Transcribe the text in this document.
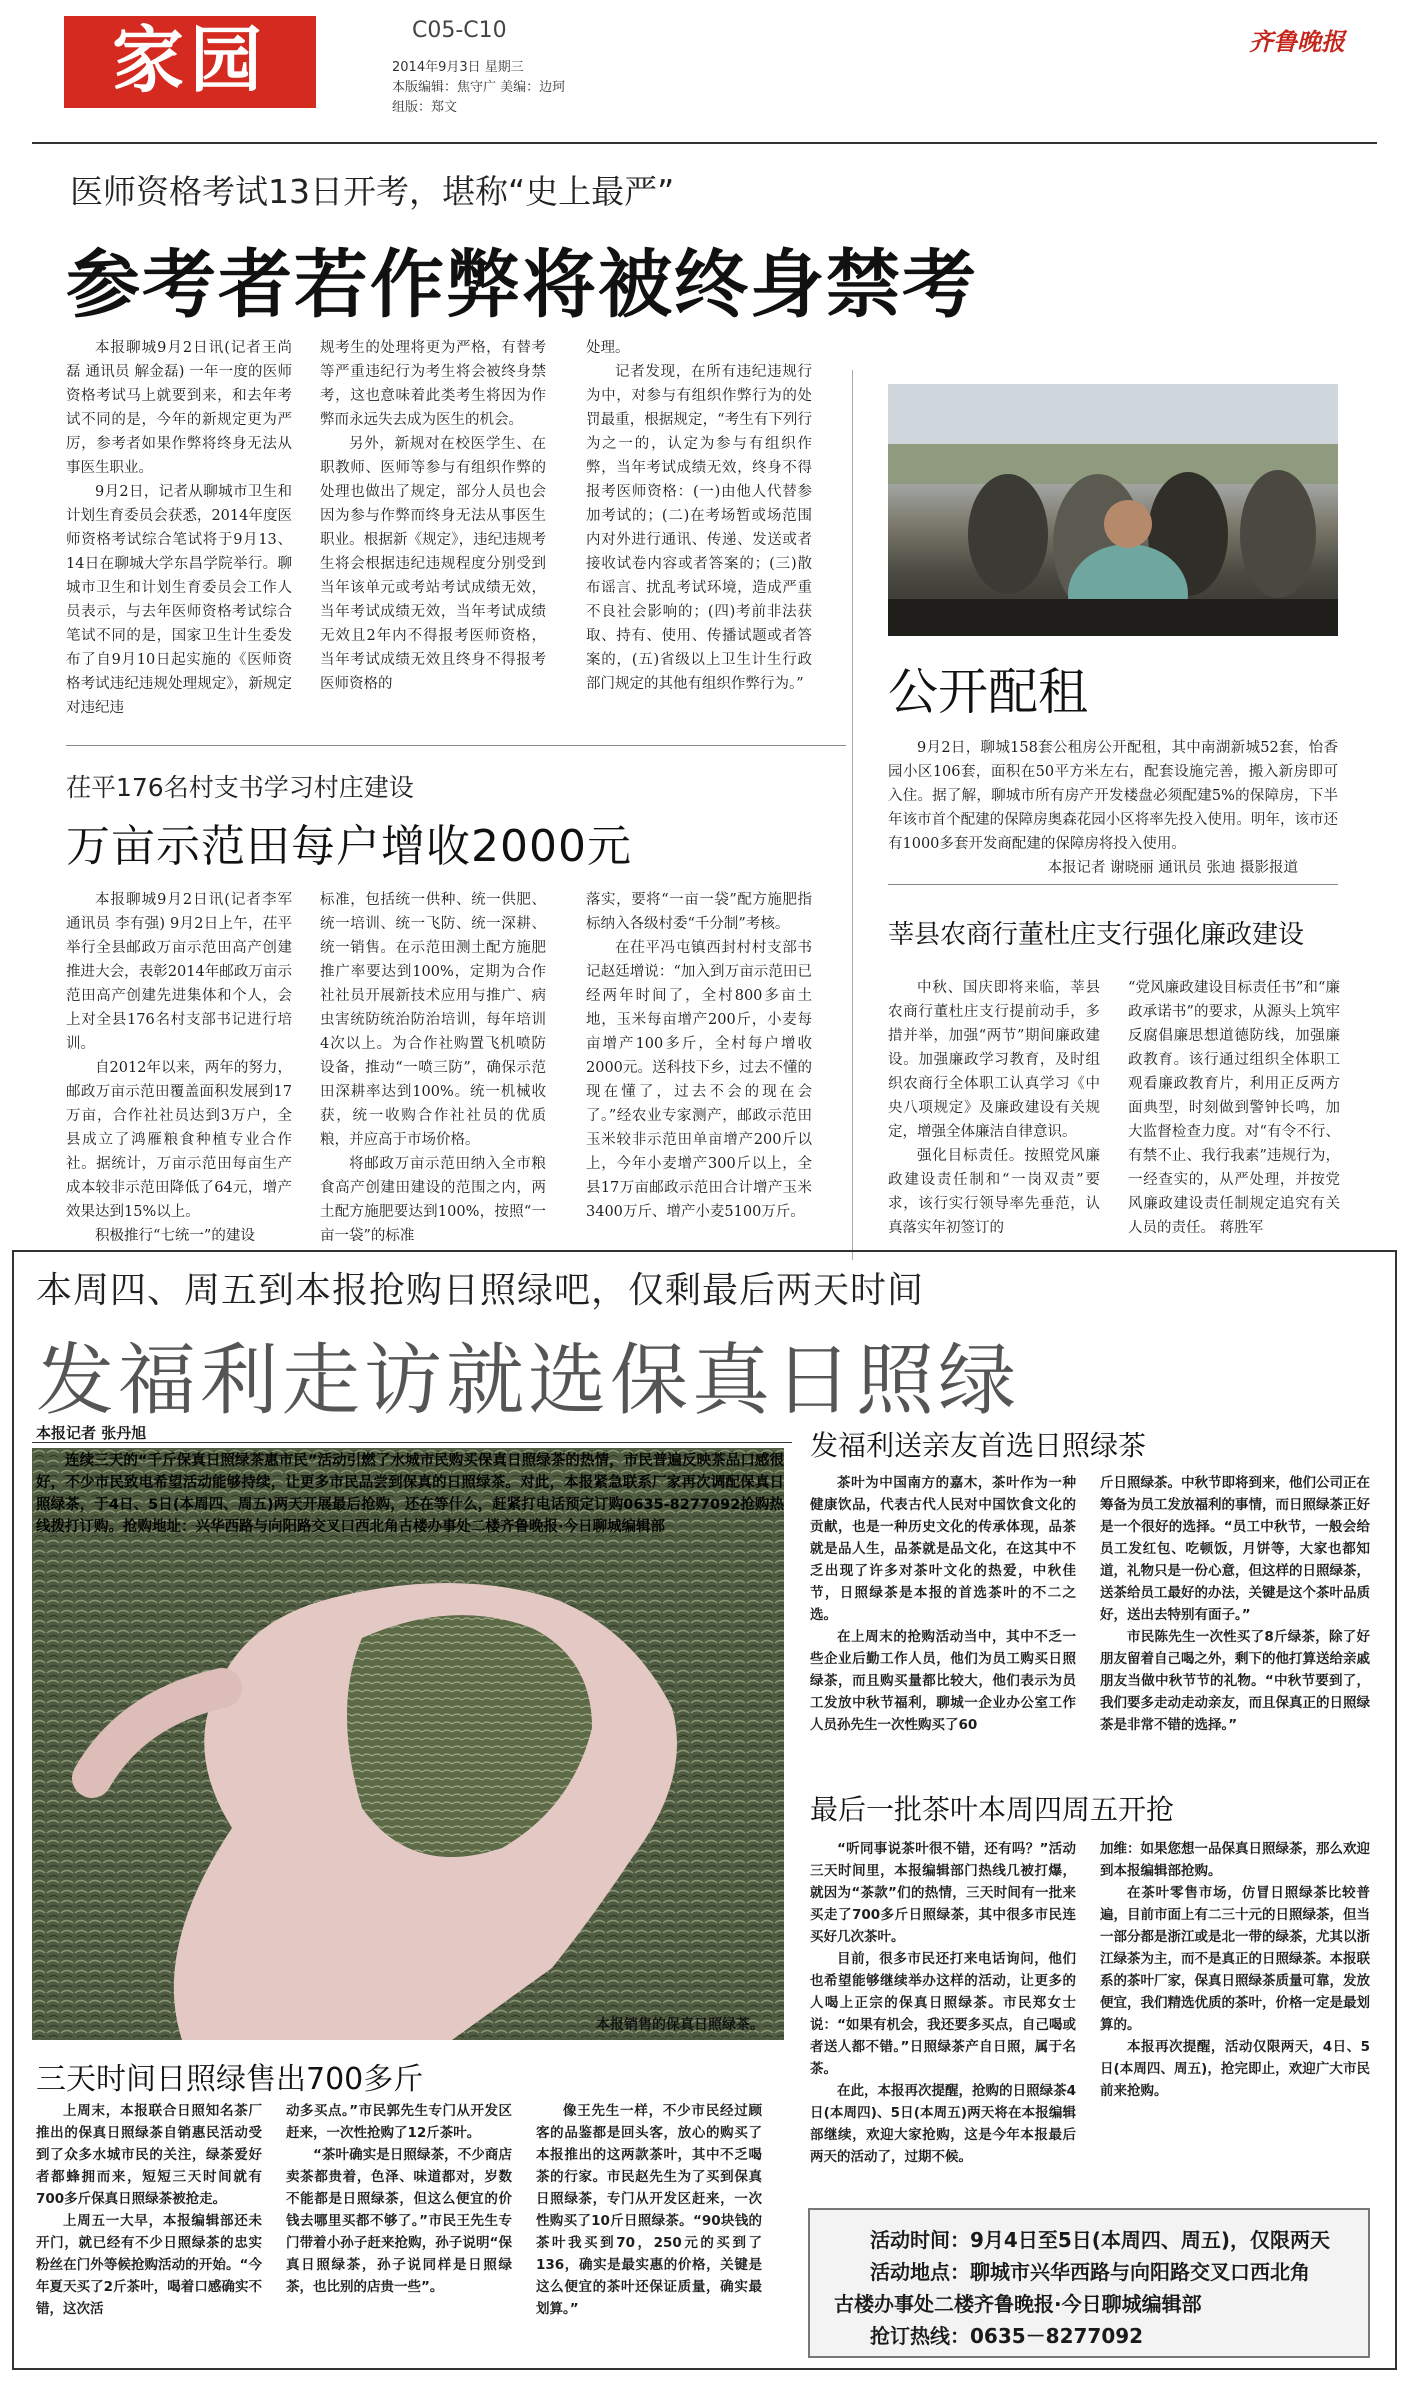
家园	C05-C10
2014年9月3日 星期三
本版编辑：焦守广 美编：边珂
组版：郑文
齐鲁晚报
医师资格考试13日开考，堪称“史上最严”
参考者若作弊将被终身禁考

本报聊城9月2日讯(记者王尚磊 通讯员 解金磊) 一年一度的医师资格考试马上就要到来，和去年考试不同的是，今年的新规定更为严厉，参考者如果作弊将终身无法从事医生职业。

9月2日，记者从聊城市卫生和计划生育委员会获悉，2014年度医师资格考试综合笔试将于9月13、14日在聊城大学东昌学院举行。聊城市卫生和计划生育委员会工作人员表示，与去年医师资格考试综合笔试不同的是，国家卫生计生委发布了自9月10日起实施的《医师资格考试违纪违规处理规定》，新规定对违纪违

规考生的处理将更为严格，有替考等严重违纪行为考生将会被终身禁考，这也意味着此类考生将因为作弊而永远失去成为医生的机会。

另外，新规对在校医学生、在职教师、医师等参与有组织作弊的处理也做出了规定，部分人员也会因为参与作弊而终身无法从事医生职业。根据新《规定》，违纪违规考生将会根据违纪违规程度分别受到当年该单元或考站考试成绩无效，当年考试成绩无效，当年考试成绩无效且2年内不得报考医师资格，当年考试成绩无效且终身不得报考医师资格的

处理。

记者发现，在所有违纪违规行为中，对参与有组织作弊行为的处罚最重，根据规定，“考生有下列行为之一的，认定为参与有组织作弊，当年考试成绩无效，终身不得报考医师资格：(一)由他人代替参加考试的；(二)在考场暂或场范围内对外进行通讯、传递、发送或者接收试卷内容或者答案的；(三)散布谣言、扰乱考试环境，造成严重不良社会影响的；(四)考前非法获取、持有、使用、传播试题或者答案的，(五)省级以上卫生计生行政部门规定的其他有组织作弊行为。” 公开配租

9月2日，聊城158套公租房公开配租，其中南湖新城52套，怡香园小区106套，面积在50平方米左右，配套设施完善，搬入新房即可入住。据了解，聊城市所有房产开发楼盘必须配建5%的保障房，下半年该市首个配建的保障房奥森花园小区将率先投入使用。明年，该市还有1000多套开发商配建的保障房将投入使用。

本报记者 谢晓丽 通讯员 张迪 摄影报道

茌平176名村支书学习村庄建设
万亩示范田每户增收2000元

本报聊城9月2日讯(记者李军 通讯员 李有强) 9月2日上午，茌平举行全县邮政万亩示范田高产创建推进大会，表彰2014年邮政万亩示范田高产创建先进集体和个人，会上对全县176名村支部书记进行培训。

自2012年以来，两年的努力，邮政万亩示范田覆盖面积发展到17万亩，合作社社员达到3万户，全县成立了鸿雁粮食种植专业合作社。据统计，万亩示范田每亩生产成本较非示范田降低了64元，增产效果达到15%以上。

积极推行“七统一”的建设

标准，包括统一供种、统一供肥、统一培训、统一飞防、统一深耕、统一销售。在示范田测土配方施肥推广率要达到100%，定期为合作社社员开展新技术应用与推广、病虫害统防统治防治培训，每年培训4次以上。为合作社购置飞机喷防设备，推动“一喷三防”，确保示范田深耕率达到100%。统一机械收获，统一收购合作社社员的优质粮，并应高于市场价格。

将邮政万亩示范田纳入全市粮食高产创建田建设的范围之内，两土配方施肥要达到100%，按照“一亩一袋”的标准

落实，要将“一亩一袋”配方施肥指标纳入各级村委“千分制”考核。

在茌平冯屯镇西封村村支部书记赵廷增说：“加入到万亩示范田已经两年时间了，全村800多亩土地，玉米每亩增产200斤，小麦每亩增产100多斤，全村每户增收2000元。送科技下乡，过去不懂的现在懂了，过去不会的现在会了。”经农业专家测产，邮政示范田玉米较非示范田单亩增产200斤以上，今年小麦增产300斤以上，全县17万亩邮政示范田合计增产玉米3400万斤、增产小麦5100万斤。

莘县农商行董杜庄支行强化廉政建设

中秋、国庆即将来临，莘县农商行董杜庄支行提前动手，多措并举，加强“两节”期间廉政建设。加强廉政学习教育，及时组织农商行全体职工认真学习《中央八项规定》及廉政建设有关规定，增强全体廉洁自律意识。

强化目标责任。按照党风廉政建设责任制和“一岗双责”要求，该行实行领导率先垂范，认真落实年初签订的

“党风廉政建设目标责任书”和“廉政承诺书”的要求，从源头上筑牢反腐倡廉思想道德防线，加强廉政教育。该行通过组织全体职工观看廉政教育片，利用正反两方面典型，时刻做到警钟长鸣，加大监督检查力度。对“有令不行、有禁不止、我行我素”违规行为，一经查实的，从严处理，并按党风廉政建设责任制规定追究有关人员的责任。 蒋胜军

本周四、周五到本报抢购日照绿吧，仅剩最后两天时间
发福利走访就选保真日照绿
本报记者 张丹旭
本报销售的保真日照绿茶。

连续三天的“千斤保真日照绿茶惠市民”活动引燃了水城市民购买保真日照绿茶的热情，市民普遍反映茶品口感很好，不少市民致电希望活动能够持续，让更多市民品尝到保真的日照绿茶。对此，本报紧急联系厂家再次调配保真日照绿茶，于4日、5日(本周四、周五)两天开展最后抢购，还在等什么，赶紧打电话预定订购0635-8277092抢购热线拨打订购。抢购地址：兴华西路与向阳路交叉口西北角古楼办事处二楼齐鲁晚报·今日聊城编辑部

三天时间日照绿售出700多斤

上周末，本报联合日照知名茶厂推出的保真日照绿茶自销惠民活动受到了众多水城市民的关注，绿茶爱好者都蜂拥而来，短短三天时间就有700多斤保真日照绿茶被抢走。

上周五一大早，本报编辑部还未开门，就已经有不少日照绿茶的忠实粉丝在门外等候抢购活动的开始。“今年夏天买了2斤茶叶，喝着口感确实不错，这次活

动多买点。”市民郭先生专门从开发区赶来，一次性抢购了12斤茶叶。

“茶叶确实是日照绿茶，不少商店卖茶都贵着，色泽、味道都对，岁数不能都是日照绿茶，但这么便宜的价钱去哪里买都不够了。”市民王先生专门带着小孙子赶来抢购，孙子说明“保真日照绿茶，孙子说同样是日照绿茶，也比别的店贵一些”。

像王先生一样，不少市民经过顾客的品鉴都是回头客，放心的购买了本报推出的这两款茶叶，其中不乏喝茶的行家。市民赵先生为了买到保真日照绿茶，专门从开发区赶来，一次性购买了10斤日照绿茶。“90块钱的茶叶我买到70，250元的买到了136，确实是最实惠的价格，关键是这么便宜的茶叶还保证质量，确实最划算。”

发福利送亲友首选日照绿茶

茶叶为中国南方的嘉木，茶叶作为一种健康饮品，代表古代人民对中国饮食文化的贡献，也是一种历史文化的传承体现，品茶就是品人生，品茶就是品文化，在这其中不乏出现了许多对茶叶文化的热爱，中秋佳节，日照绿茶是本报的首选茶叶的不二之选。

在上周末的抢购活动当中，其中不乏一些企业后勤工作人员，他们为员工购买日照绿茶，而且购买量都比较大，他们表示为员工发放中秋节福利，聊城一企业办公室工作人员孙先生一次性购买了60

斤日照绿茶。中秋节即将到来，他们公司正在筹备为员工发放福利的事情，而日照绿茶正好是一个很好的选择。“员工中秋节，一般会给员工发红包、吃顿饭，月饼等，大家也都知道，礼物只是一份心意，但这样的日照绿茶，送茶给员工最好的办法，关键是这个茶叶品质好，送出去特别有面子。”

市民陈先生一次性买了8斤绿茶，除了好朋友留着自己喝之外，剩下的他打算送给亲戚朋友当做中秋节节的礼物。“中秋节要到了，我们要多走动走动亲友，而且保真正的日照绿茶是非常不错的选择。”

最后一批茶叶本周四周五开抢

“听同事说茶叶很不错，还有吗？”活动三天时间里，本报编辑部门热线几被打爆，就因为“茶款”们的热情，三天时间有一批来买走了700多斤日照绿茶，其中很多市民连买好几次茶叶。

目前，很多市民还打来电话询问，他们也希望能够继续举办这样的活动，让更多的人喝上正宗的保真日照绿茶。市民郑女士说：“如果有机会，我还要多买点，自己喝或者送人都不错。”日照绿茶产自日照，属于名茶。

在此，本报再次提醒，抢购的日照绿茶4日(本周四)、5日(本周五)两天将在本报编辑部继续，欢迎大家抢购，这是今年本报最后两天的活动了，过期不候。

加维：如果您想一品保真日照绿茶，那么欢迎到本报编辑部抢购。

在茶叶零售市场，仿冒日照绿茶比较普遍，目前市面上有二三十元的日照绿茶，但当一部分都是浙江或是北一带的绿茶，尤其以浙江绿茶为主，而不是真正的日照绿茶。本报联系的茶叶厂家，保真日照绿茶质量可靠，发放便宜，我们精选优质的茶叶，价格一定是最划算的。

本报再次提醒，活动仅限两天，4日、5日(本周四、周五)，抢完即止，欢迎广大市民前来抢购。

活动时间：9月4日至5日(本周四、周五)，仅限两天
活动地点：聊城市兴华西路与向阳路交叉口西北角
古楼办事处二楼齐鲁晚报·今日聊城编辑部
抢订热线：0635－8277092
